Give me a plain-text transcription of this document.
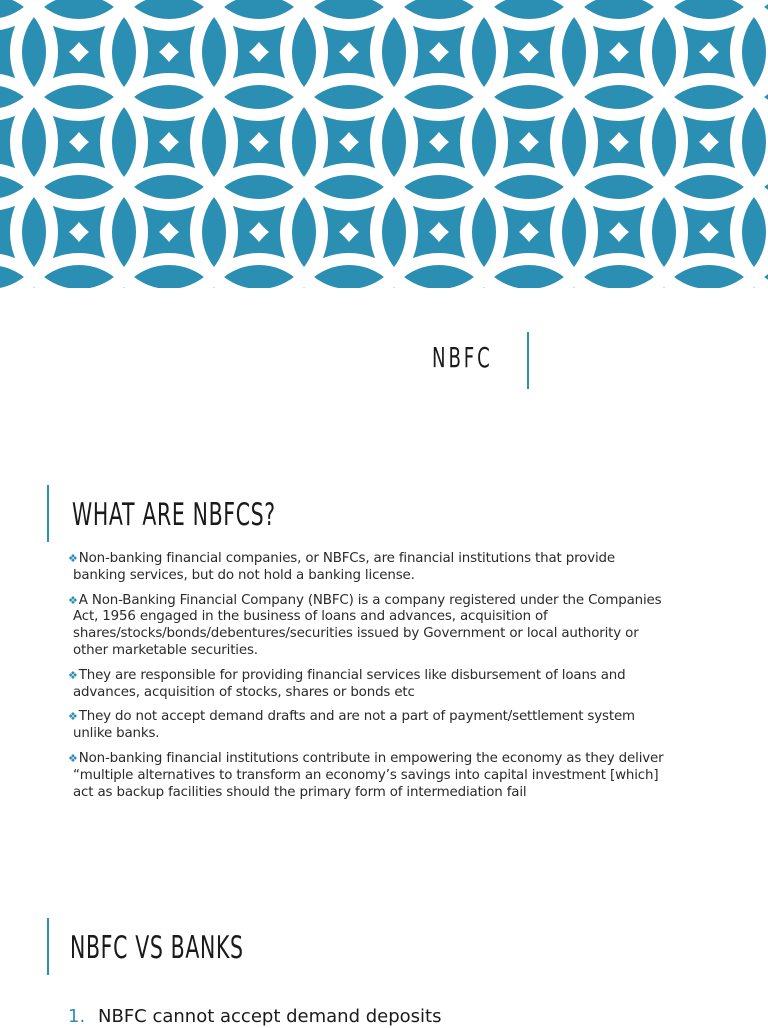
NBFC
WHAT ARE NBFCS?
❖Non-banking financial companies, or NBFCs, are financial institutions that provide banking services, but do not hold a banking license.
❖A Non-Banking Financial Company (NBFC) is a company registered under the Companies Act, 1956 engaged in the business of loans and advances, acquisition of shares/stocks/bonds/debentures/securities issued by Government or local authority or other marketable securities.
❖They are responsible for providing financial services like disbursement of loans and advances, acquisition of stocks, shares or bonds etc
❖They do not accept demand drafts and are not a part of payment/settlement system unlike banks.
❖Non-banking financial institutions contribute in empowering the economy as they deliver “multiple alternatives to transform an economy’s savings into capital investment [which] act as backup facilities should the primary form of intermediation fail
NBFC VS BANKS
1. NBFC cannot accept demand deposits
